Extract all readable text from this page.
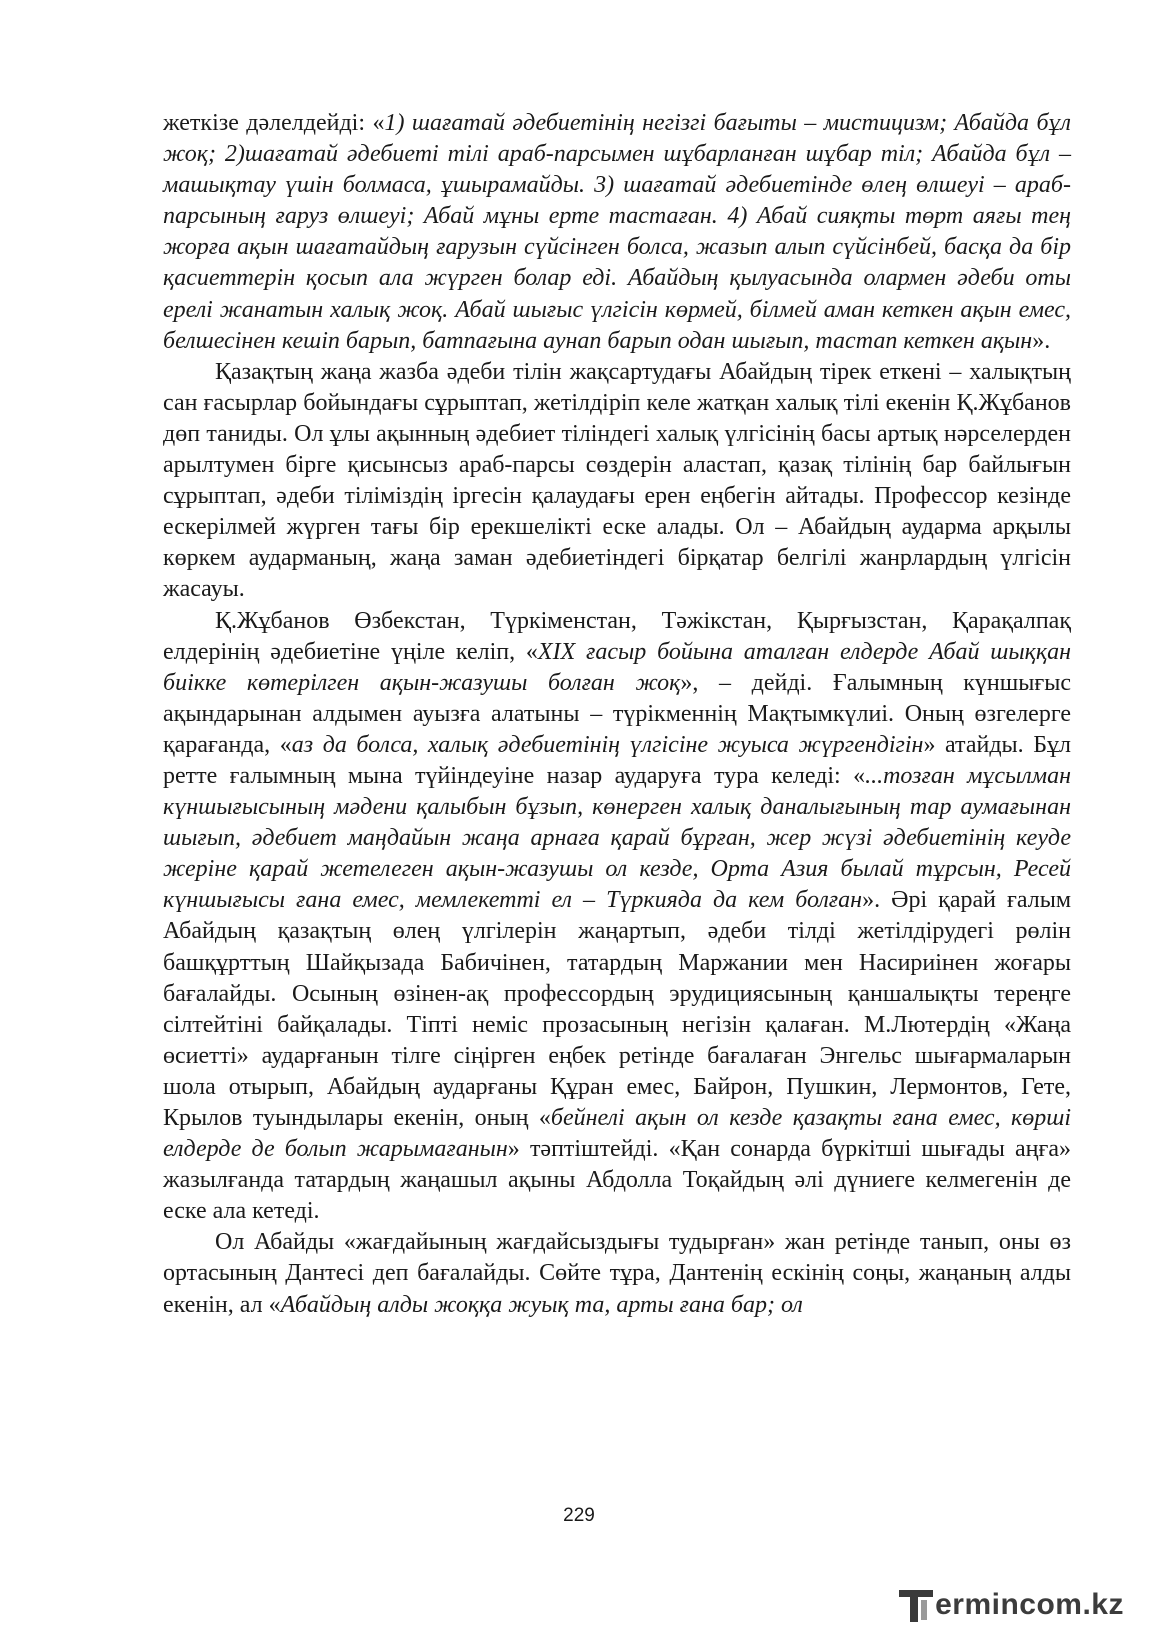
жеткізе дәлелдейді: «1) шағатай әдебиетінің негізгі бағыты – мистицизм; Абайда бұл жоқ; 2)шағатай әдебиеті тілі араб-парсымен шұбарланған шұбар тіл; Абайда бұл – машықтау үшін болмаса, ұшырамайды. 3) шағатай әдебиетінде өлең өлшеуі – араб-парсының ғаруз өлшеуі; Абай мұны ерте тастаған. 4) Абай сияқты төрт аяғы тең жорға ақын шағатайдың ғарузын сүйсінген болса, жазып алып сүйсінбей, басқа да бір қасиеттерін қосып ала жүрген болар еді. Абайдың қылуасында олармен әдеби оты ерелі жанатын халық жоқ. Абай шығыс үлгісін көрмей, білмей аман кеткен ақын емес, белшесінен кешіп барып, батпағына аунап барып одан шығып, тастап кеткен ақын».

Қазақтың жаңа жазба әдеби тілін жақсартудағы Абайдың тірек еткені – халықтың сан ғасырлар бойындағы сұрыптап, жетілдіріп келе жатқан халық тілі екенін Қ.Жұбанов дөп таниды. Ол ұлы ақынның әдебиет тіліндегі халық үлгісінің басы артық нәрселерден арылтумен бірге қисынсыз араб-парсы сөздерін аластап, қазақ тілінің бар байлығын сұрыптап, әдеби тіліміздің іргесін қалаудағы ерен еңбегін айтады. Профессор кезінде ескерілмей жүрген тағы бір ерекшелікті еске алады. Ол – Абайдың аударма арқылы көркем аударманың, жаңа заман әдебиетіндегі бірқатар белгілі жанрлардың үлгісін жасауы.

Қ.Жұбанов Өзбекстан, Түркіменстан, Тәжікстан, Қырғызстан, Қарақалпақ елдерінің әдебиетіне үңіле келіп, «XIX ғасыр бойына аталған елдерде Абай шыққан биікке көтерілген ақын-жазушы болған жоқ», – дейді. Ғалымның күншығыс ақындарынан алдымен ауызға алатыны – түрікменнің Мақтымкүлиі. Оның өзгелерге қарағанда, «аз да болса, халық әдебиетінің үлгісіне жуыса жүргендігін» атайды. Бұл ретте ғалымның мына түйіндеуіне назар аударуға тура келеді: «...тозған мұсылман күншығысының мәдени қалыбын бұзып, көнерген халық даналығының тар аумағынан шығып, әдебиет маңдайын жаңа арнаға қарай бұрған, жер жүзі әдебиетінің кеуде жеріне қарай жетелеген ақын-жазушы ол кезде, Орта Азия былай тұрсын, Ресей күншығысы ғана емес, мемлекетті ел – Түркияда да кем болған». Әрі қарай ғалым Абайдың қазақтың өлең үлгілерін жаңартып, әдеби тілді жетілдірудегі рөлін башқұрттың Шайқызада Бабичінен, татардың Маржании мен Насириінен жоғары бағалайды. Осының өзінен-ақ профессордың эрудициясының қаншалықты тереңге сілтейтіні байқалады. Тіпті неміс прозасының негізін қалаған. М.Лютердің «Жаңа өсиетті» аударғанын тілге сіңірген еңбек ретінде бағалаған Энгельс шығармаларын шола отырып, Абайдың аударғаны Құран емес, Байрон, Пушкин, Лермонтов, Гете, Крылов туындылары екенін, оның «бейнелі ақын ол кезде қазақты ғана емес, көрші елдерде де болып жарымағанын» тәптіштейді. «Қан сонарда бүркітші шығады аңға» жазылғанда татардың жаңашыл ақыны Абдолла Тоқайдың әлі дүниеге келмегенін де еске ала кетеді.

Ол Абайды «жағдайының жағдайсыздығы тудырған» жан ретінде танып, оны өз ортасының Дантесі деп бағалайды. Сөйте тұра, Дантенің ескінің соңы, жаңаның алды екенін, ал «Абайдың алды жоққа жуық та, арты ғана бар; ол

229
ermincom.kz
